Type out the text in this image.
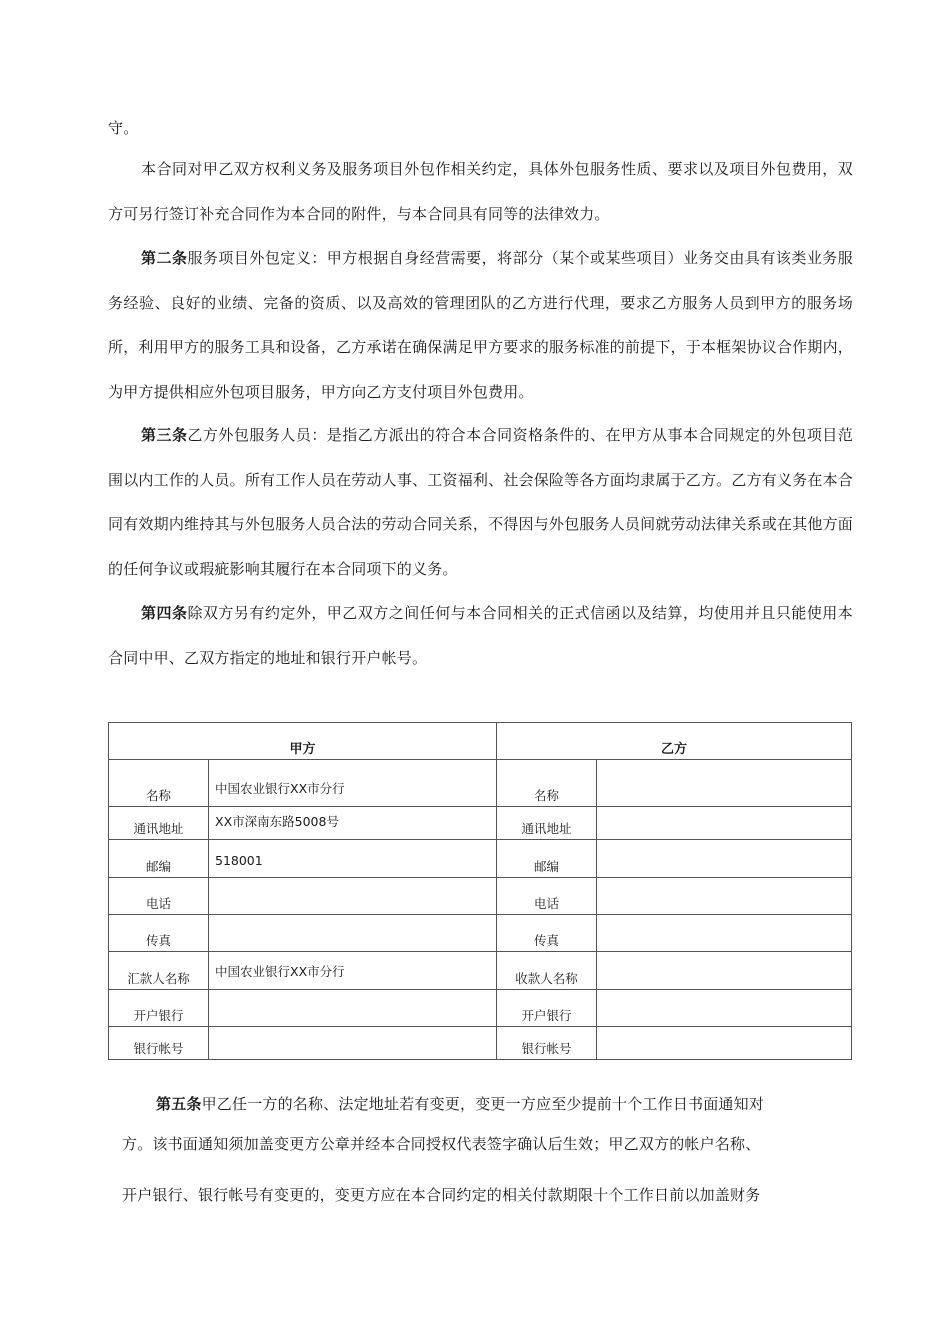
守。

本合同对甲乙双方权利义务及服务项目外包作相关约定，具体外包服务性质、要求以及项目外包费用，双方可另行签订补充合同作为本合同的附件，与本合同具有同等的法律效力。

第二条服务项目外包定义：甲方根据自身经营需要，将部分（某个或某些项目）业务交由具有该类业务服务经验、良好的业绩、完备的资质、以及高效的管理团队的乙方进行代理，要求乙方服务人员到甲方的服务场所，利用甲方的服务工具和设备，乙方承诺在确保满足甲方要求的服务标准的前提下，于本框架协议合作期内，为甲方提供相应外包项目服务，甲方向乙方支付项目外包费用。

第三条乙方外包服务人员：是指乙方派出的符合本合同资格条件的、在甲方从事本合同规定的外包项目范围以内工作的人员。所有工作人员在劳动人事、工资福利、社会保险等各方面均隶属于乙方。乙方有义务在本合同有效期内维持其与外包服务人员合法的劳动合同关系，不得因与外包服务人员间就劳动法律关系或在其他方面的任何争议或瑕疵影响其履行在本合同项下的义务。

第四条除双方另有约定外，甲乙双方之间任何与本合同相关的正式信函以及结算，均使用并且只能使用本合同中甲、乙双方指定的地址和银行开户帐号。

甲方		乙方	
名称	中国农业银行XX市分行	名称	
通讯地址	XX市深南东路5008号	通讯地址	
邮编	518001	邮编	
电话		电话	
传真		传真	
汇款人名称	中国农业银行XX市分行	收款人名称	
开户银行		开户银行	
银行帐号		银行帐号	

第五条甲乙任一方的名称、法定地址若有变更，变更一方应至少提前十个工作日书面通知对

方。该书面通知须加盖变更方公章并经本合同授权代表签字确认后生效；甲乙双方的帐户名称、

开户银行、银行帐号有变更的，变更方应在本合同约定的相关付款期限十个工作日前以加盖财务
